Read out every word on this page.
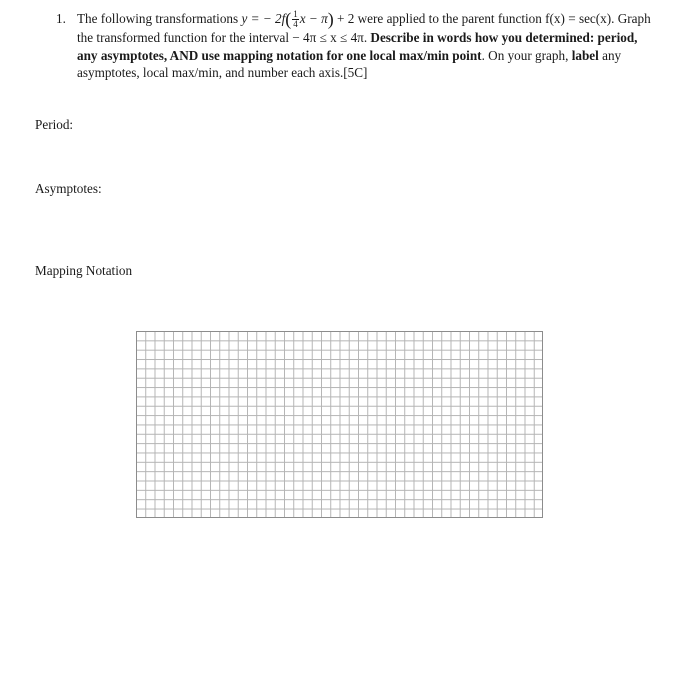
1. The following transformations y = − $2f( \frac{1}{4}$ x − π) + 2 were applied to the parent function f(x) = sec(x). Graph the transformed function for the interval − 4π ≤ x ≤ 4π. Describe in words how you determined: period, any asymptotes, AND use mapping notation for one local max/min point. On your graph, label any asymptotes, local max/min, and number each axis.[5C]
Period:
Asymptotes:
Mapping Notation
